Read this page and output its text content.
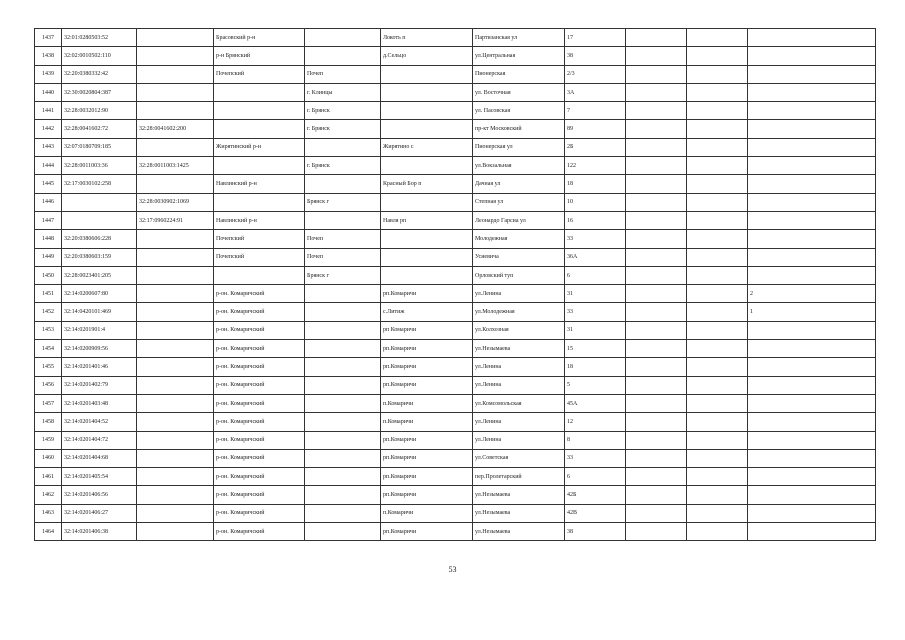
1437	32:01:0280503:52		Брасовский р-н		Локоть п	Партизанская ул	17			
1438	32:02:0010502:110		р-н Брянский		д.Сельцо	ул.Центральная	38			
1439	32:20:0380332:42		Почепский	Почеп		Пионерская	2/3			
1440	32:30:0020804:387			г. Клинцы		ул. Восточная	3А			
1441	32:28:0032012:90			г. Брянск		ул. Пасовская	7			
1442	32:28:0041602:72	32:28:0041602:200		г. Брянск		пр-кт Московский	89			
1443	32:07:0180709:185		Жирятинский р-н		Жирятино с	Пионерская ул	2Б			
1444	32:28:0011003:36	32:28:0011003:1425		г. Брянск		ул.Вокзальная	122			
1445	32:17:0030102:258		Навлинский р-н		Красный Бор п	Дачная ул	18			
1446		32:28:0030902:1069		Брянск г		Степная ул	10			
1447		32:17:0960224:91	Навлинский р-н		Навля рп	Леонардо Гарсиа ул	16			
1448	32:20:0380606:228		Почепский	Почеп		Молодежная	33			
1449	32:20:0380603:159		Почепский	Почеп		Усиевича	36А			
1450	32:28:0023401:205			Брянск г		Орловский туп	6			
1451	32:14:0200607:80		р-он. Комаричский		рп.Комаричи	ул.Ленина	31			2
1452	32:14:0420101:469		р-он. Комаричский		с.Литиж	ул.Молодежная	33			1
1453	32:14:0201901:4		р-он. Комаричский		рп Комаричи	ул.Колхозная	31			
1454	32:14:0200909:56		р-он. Комаричский		рп.Комаричи	ул.Незымаева	15			
1455	32:14:0201401:46		р-он. Комаричский		рп.Комаричи	ул.Ленина	18			
1456	32:14:0201402:79		р-он. Комаричский		рп.Комаричи	ул.Ленина	5			
1457	32:14:0201403:48		р-он. Комаричский		п.Комаричи	ул.Комсомольская	45А			
1458	32:14:0201404:52		р-он. Комаричский		п.Комаричи	ул.Ленина	12			
1459	32:14:0201404:72		р-он. Комаричский		рп.Комаричи	ул.Ленина	8			
1460	32:14:0201404:68		р-он. Комаричский		рп.Комаричи	ул.Советская	33			
1461	32:14:0201405:54		р-он. Комаричский		рп.Комаричи	пер.Пролетарский	6			
1462	32:14:0201406:56		р-он. Комаричский		рп.Комаричи	ул.Незымаева	42Б			
1463	32:14:0201406:27		р-он. Комаричский		п.Комаричи	ул.Незымаева	42В			
1464	32:14:0201406:38		р-он. Комаричский		рп.Комаричи	ул.Незымаева	38			
53
